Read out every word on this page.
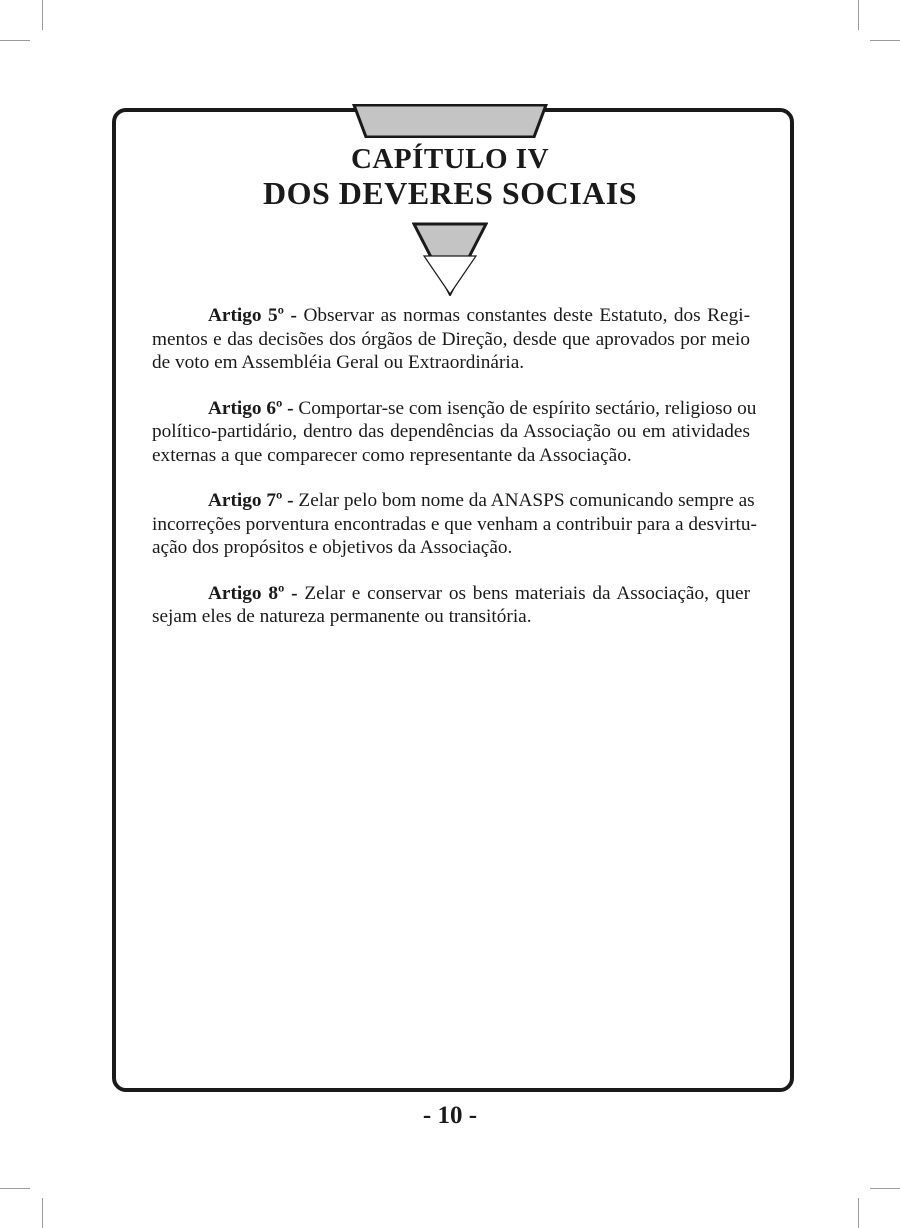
CAPÍTULO IV
DOS DEVERES SOCIAIS
Artigo 5º - Observar as normas constantes deste Estatuto, dos Regi-
mentos e das decisões dos órgãos de Direção, desde que aprovados por meio
de voto em Assembléia Geral ou Extraordinária.
Artigo 6º - Comportar-se com isenção de espírito sectário, religioso ou
político-partidário, dentro das dependências da Associação ou em atividades
externas a que comparecer como representante da Associação.
Artigo 7º - Zelar pelo bom nome da ANASPS comunicando sempre as
incorreções porventura encontradas e que venham a contribuir para a desvirtu-
ação dos propósitos e objetivos da Associação.
Artigo 8º - Zelar e conservar os bens materiais da Associação, quer
sejam eles de natureza permanente ou transitória.
- 10 -
